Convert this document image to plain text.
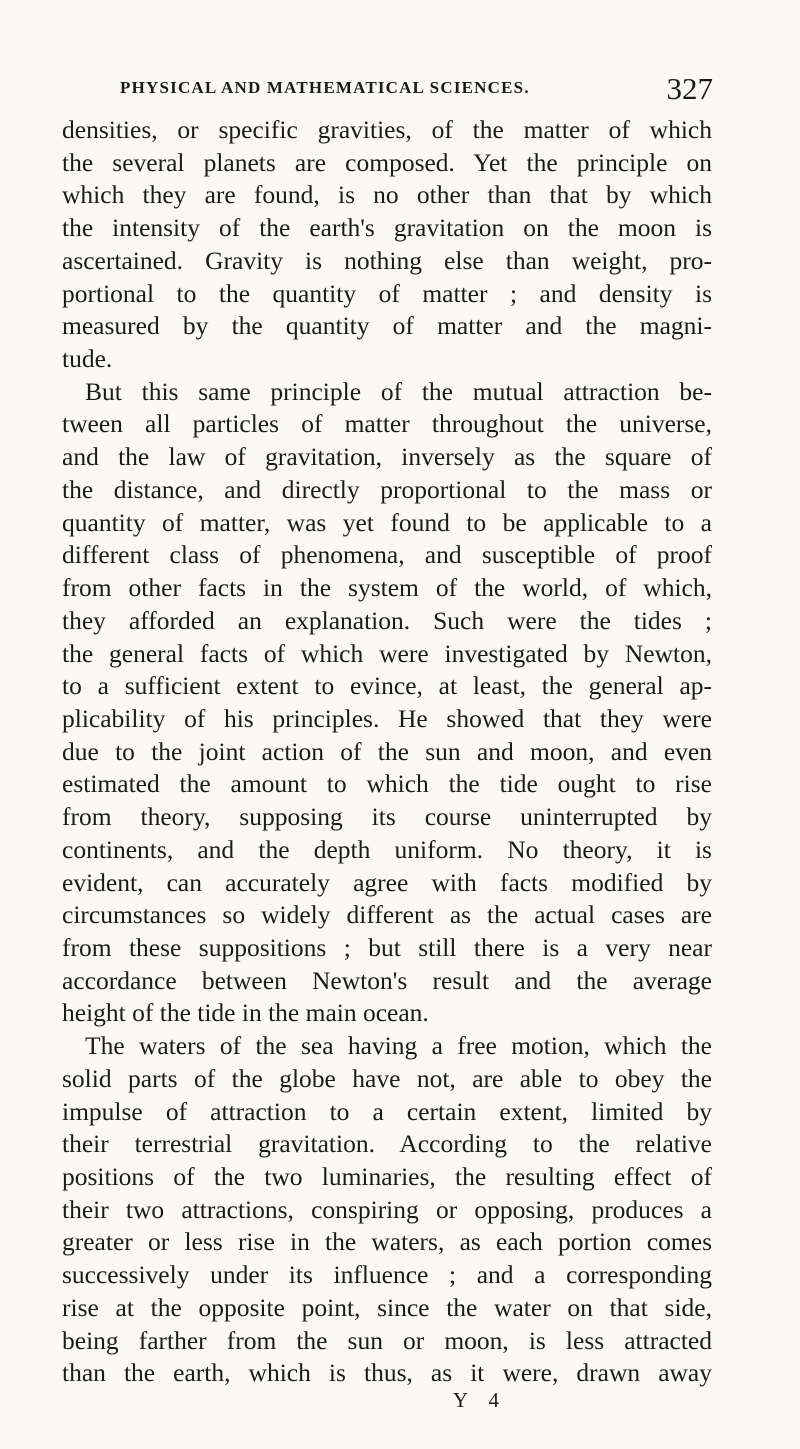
PHYSICAL AND MATHEMATICAL SCIENCES.	327
densities, or specific gravities, of the matter of which
the several planets are composed. Yet the principle on
which they are found, is no other than that by which
the intensity of the earth's gravitation on the moon is
ascertained. Gravity is nothing else than weight, pro-
portional to the quantity of matter ; and density is
measured by the quantity of matter and the magni-
tude.
But this same principle of the mutual attraction be-
tween all particles of matter throughout the universe,
and the law of gravitation, inversely as the square of
the distance, and directly proportional to the mass or
quantity of matter, was yet found to be applicable to a
different class of phenomena, and susceptible of proof
from other facts in the system of the world, of which,
they afforded an explanation. Such were the tides ;
the general facts of which were investigated by Newton,
to a sufficient extent to evince, at least, the general ap-
plicability of his principles. He showed that they were
due to the joint action of the sun and moon, and even
estimated the amount to which the tide ought to rise
from theory, supposing its course uninterrupted by
continents, and the depth uniform. No theory, it is
evident, can accurately agree with facts modified by
circumstances so widely different as the actual cases are
from these suppositions ; but still there is a very near
accordance between Newton's result and the average
height of the tide in the main ocean.
The waters of the sea having a free motion, which the
solid parts of the globe have not, are able to obey the
impulse of attraction to a certain extent, limited by
their terrestrial gravitation. According to the relative
positions of the two luminaries, the resulting effect of
their two attractions, conspiring or opposing, produces a
greater or less rise in the waters, as each portion comes
successively under its influence ; and a corresponding
rise at the opposite point, since the water on that side,
being farther from the sun or moon, is less attracted
than the earth, which is thus, as it were, drawn away
Y 4
